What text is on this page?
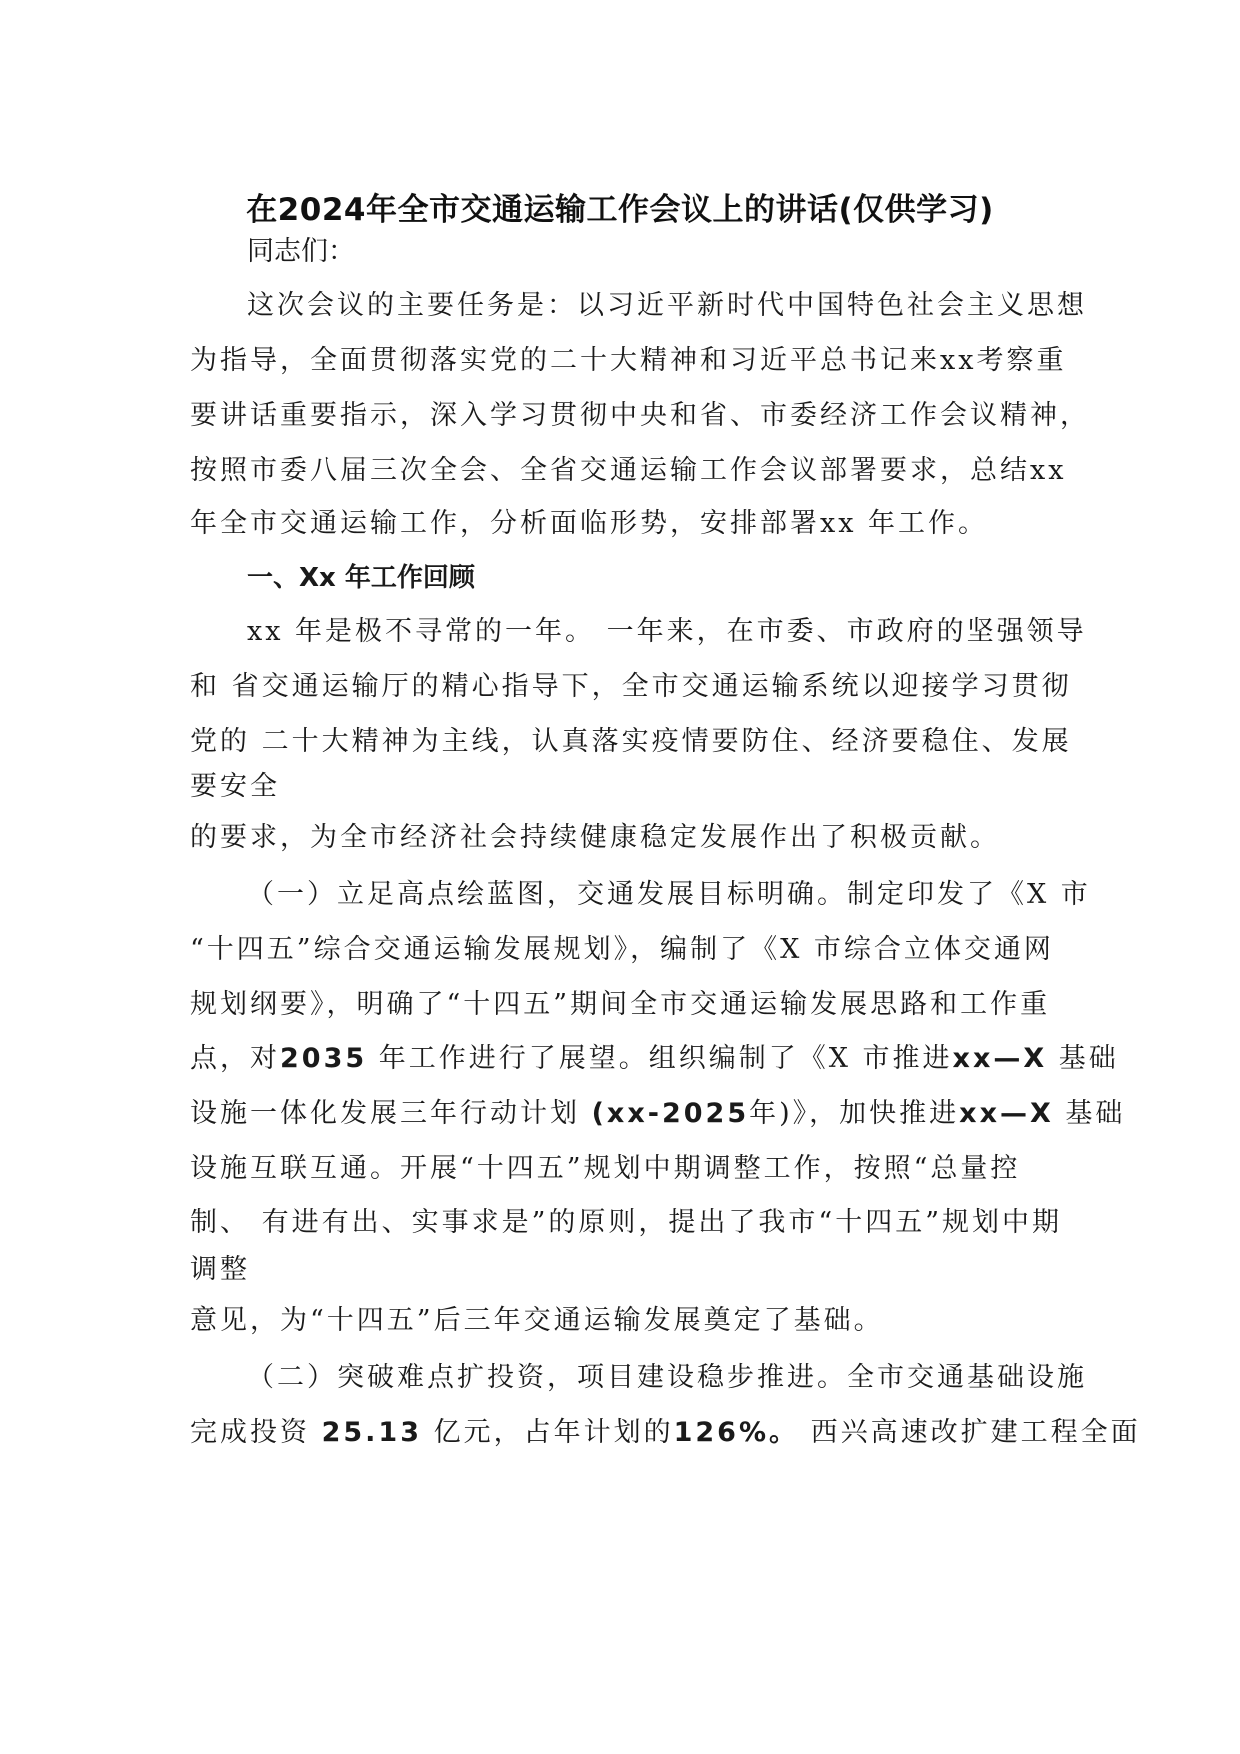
在2024年全市交通运输工作会议上的讲话(仅供学习)
同志们：
这次会议的主要任务是：以习近平新时代中国特色社会主义思想
为指导，全面贯彻落实党的二十大精神和习近平总书记来xx考察重
要讲话重要指示，深入学习贯彻中央和省、市委经济工作会议精神，
按照市委八届三次全会、全省交通运输工作会议部署要求，总结xx
年全市交通运输工作，分析面临形势，安排部署xx 年工作。
一、Xx 年工作回顾
xx 年是极不寻常的一年。 一年来，在市委、市政府的坚强领导
和 省交通运输厅的精心指导下，全市交通运输系统以迎接学习贯彻
党的 二十大精神为主线，认真落实疫情要防住、经济要稳住、发展
要安全
的要求，为全市经济社会持续健康稳定发展作出了积极贡献。
（一）立足高点绘蓝图，交通发展目标明确。制定印发了《X 市
“十四五”综合交通运输发展规划》，编制了《X 市综合立体交通网
规划纲要》，明确了“十四五”期间全市交通运输发展思路和工作重
点，对2035 年工作进行了展望。组织编制了《X 市推进xx—X 基础
设施一体化发展三年行动计划 (xx-2025年)》，加快推进xx—X 基础
设施互联互通。开展“十四五”规划中期调整工作，按照“总量控
制、 有进有出、实事求是”的原则，提出了我市“十四五”规划中期
调整
意见，为“十四五”后三年交通运输发展奠定了基础。
（二）突破难点扩投资，项目建设稳步推进。全市交通基础设施
完成投资 25.13 亿元，占年计划的126%。 西兴高速改扩建工程全面
